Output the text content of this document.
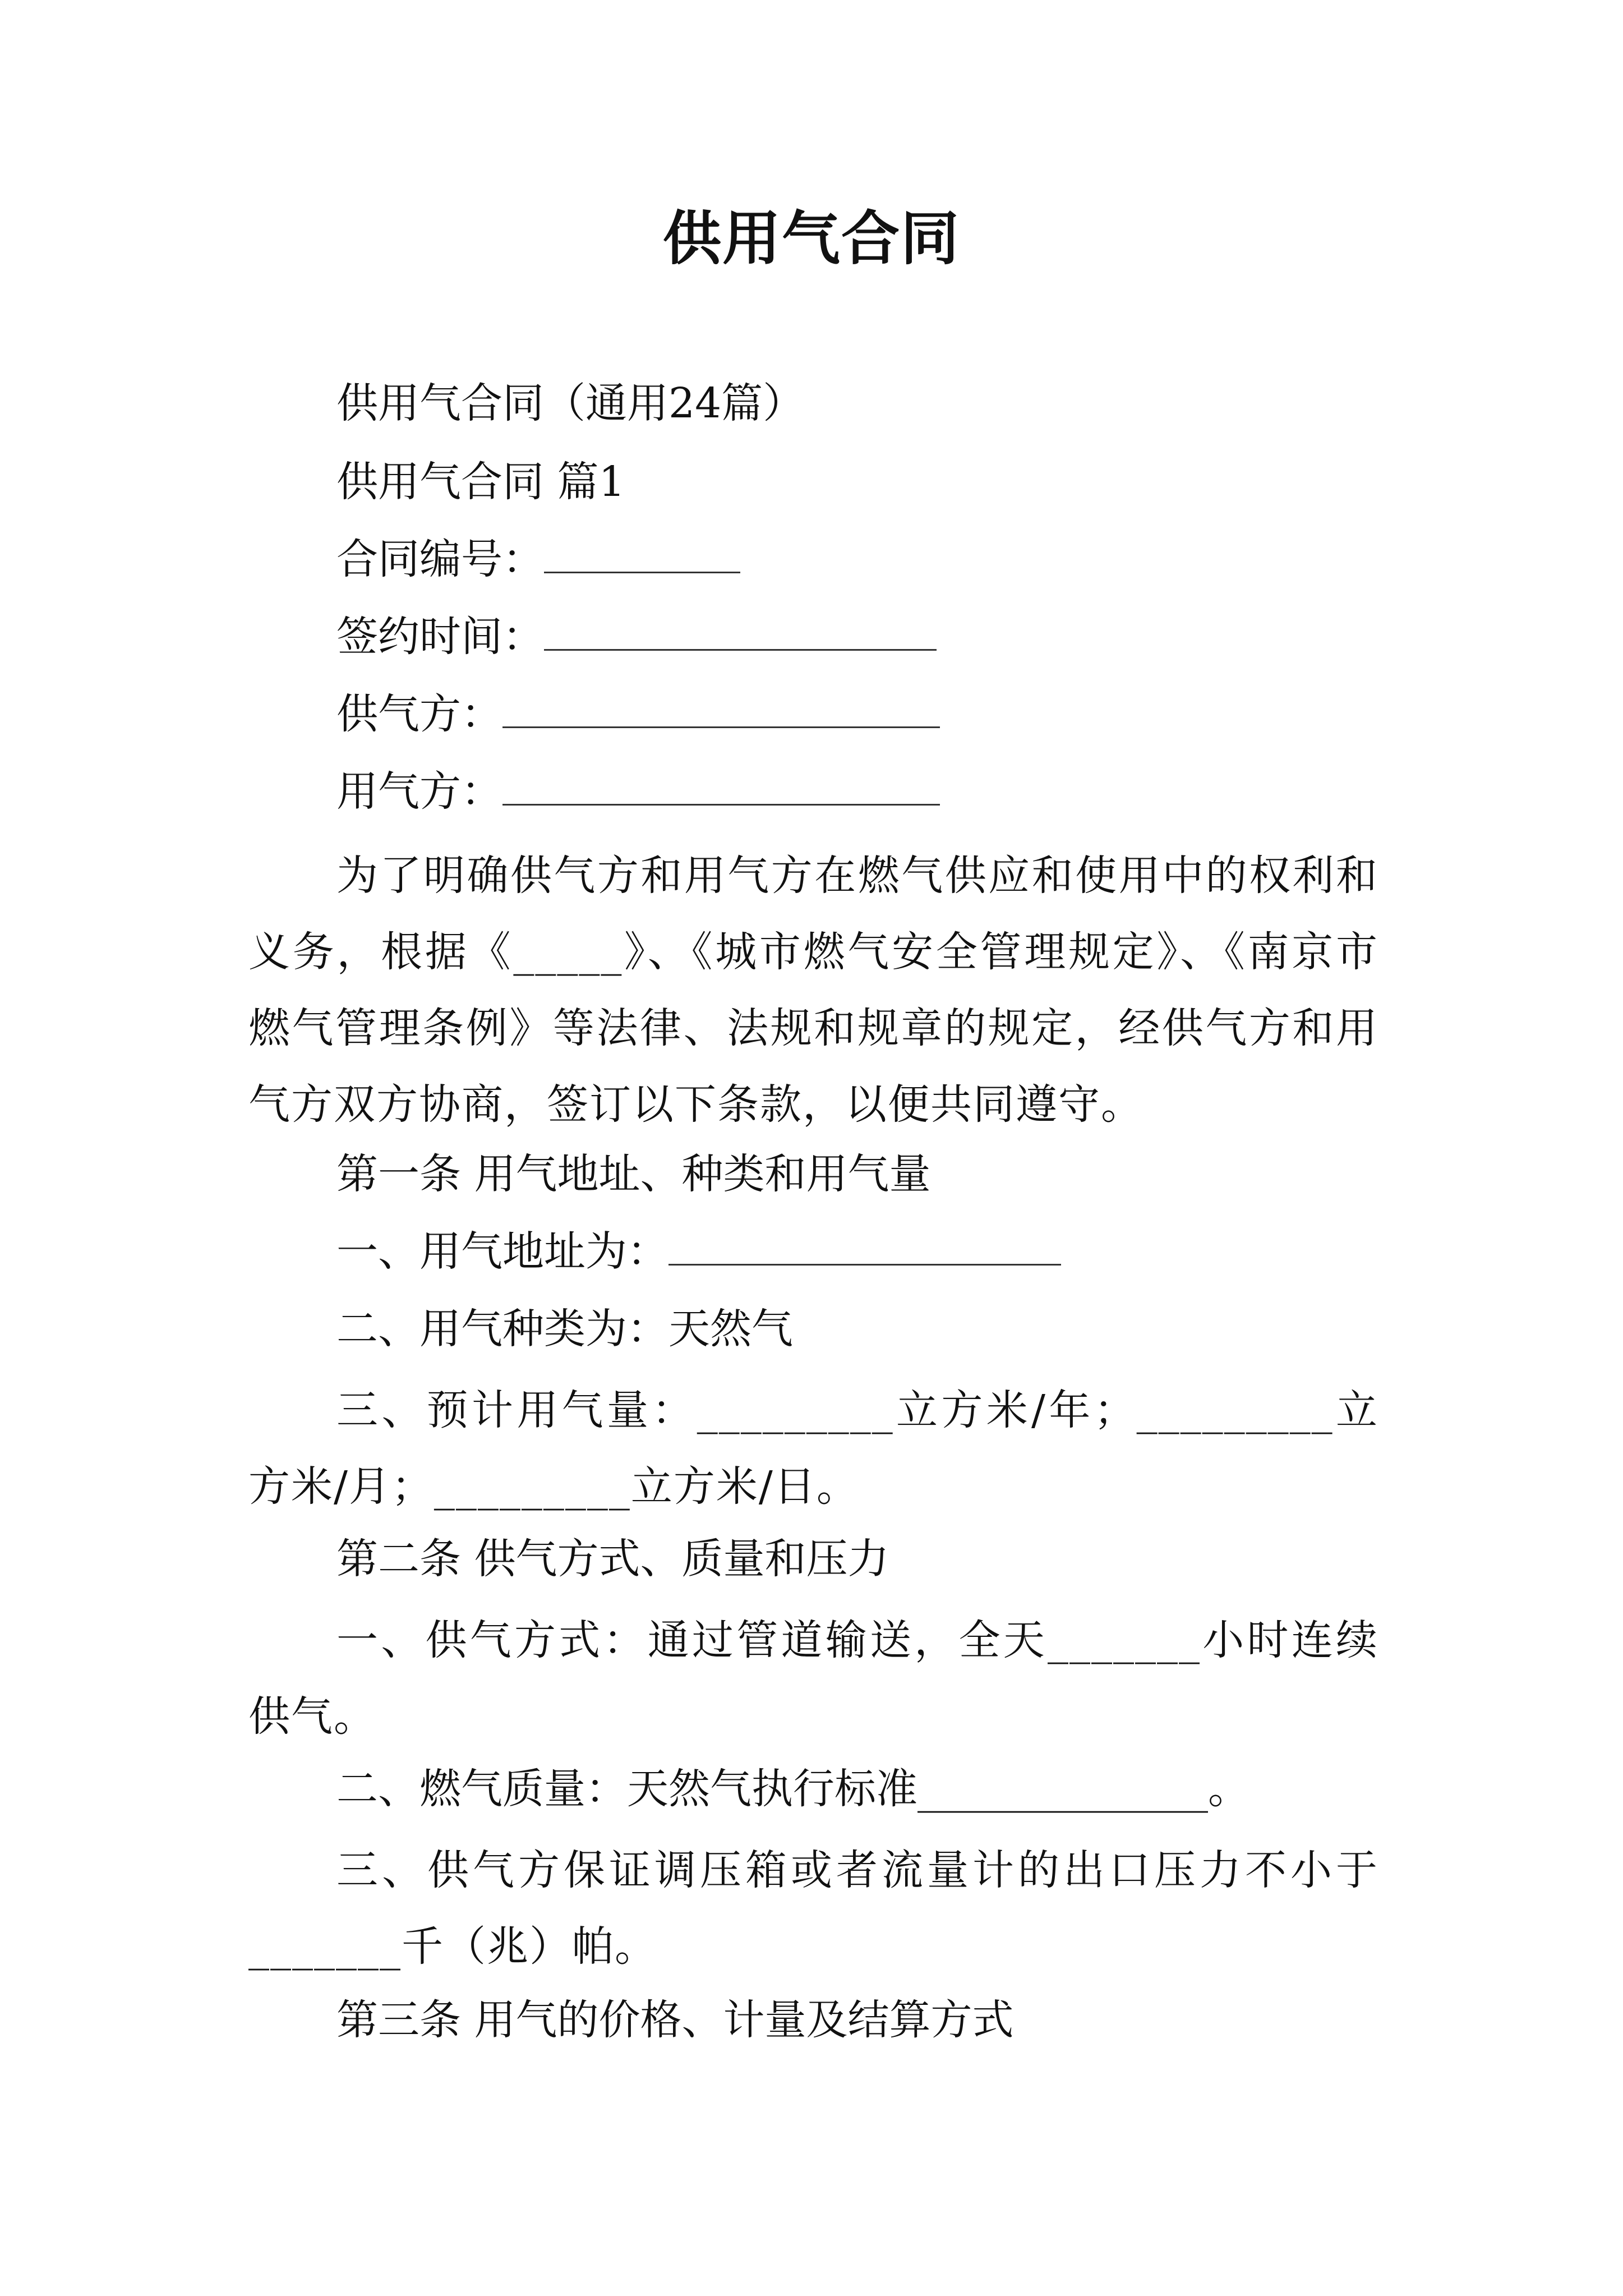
供用气合同
供用气合同（通用24篇）
供用气合同 篇1
合同编号：
签约时间：
供气方：
用气方：
为了明确供气方和用气方在燃气供应和使用中的权利和义务，根据《_____》、《城市燃气安全管理规定》、《南京市燃气管理条例》等法律、法规和规章的规定，经供气方和用气方双方协商，签订以下条款，以便共同遵守。
第一条 用气地址、种类和用气量
一、用气地址为：
二、用气种类为：天然气
三、预计用气量：_________立方米/年；_________立方米/月；_________立方米/日。
第二条 供气方式、质量和压力
一、供气方式：通过管道输送，全天_______小时连续供气。
二、燃气质量：天然气执行标准______________。
三、供气方保证调压箱或者流量计的出口压力不小于_______千（兆）帕。
第三条 用气的价格、计量及结算方式
